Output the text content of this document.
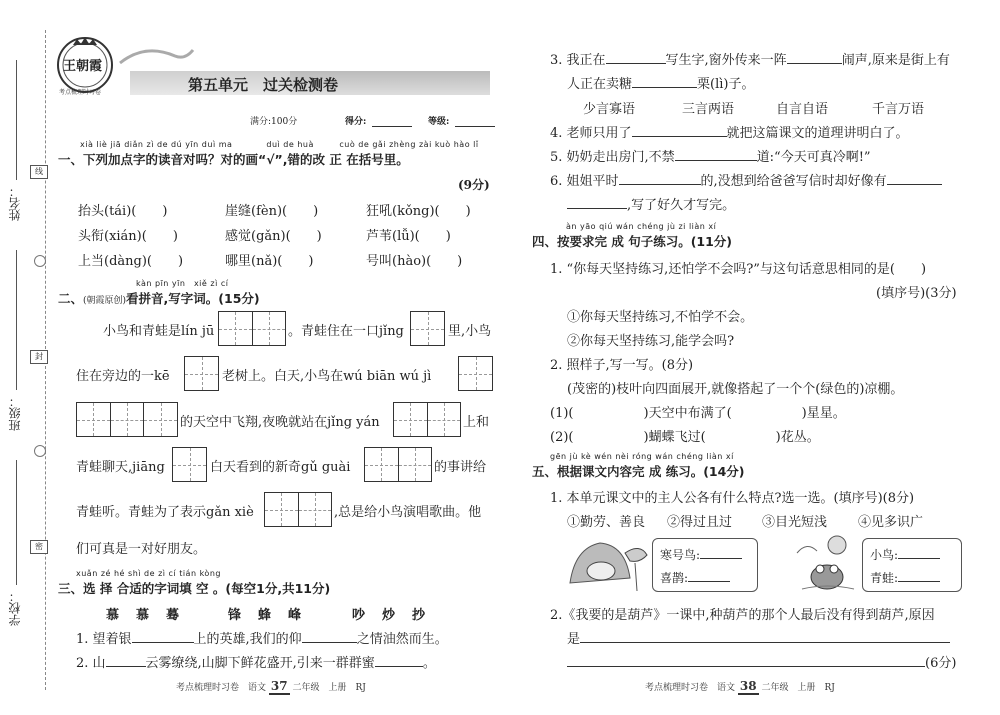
姓名：
班级：
学校：
线
封
密
王朝霞
考点梳理时习卷	第五单元　过关检测卷
满分:100分	得分:	等级:
xià liè jiā diǎn zì de dú yīn duì ma　　　　duì de huà　　　cuò de gǎi zhèng zài kuò hào lǐ
一、下列加点字的读音对吗？对的画“√”,错的改 正 在括号里。
(9分)
抬头(tái)(　　)	崖缝(fèn)(　　)	狂吼(kǒng)(　　)
头衔(xián)(　　)	感觉(gǎn)(　　)	芦苇(lǚ)(　　)
上当(dàng)(　　)	哪里(nǎ)(　　)	号叫(hào)(　　)
kàn pīn yīn　xiě zì cí
二、(朝霞原创)看拼音,写字词。(15分)
小鸟和青蛙是lín jū	。青蛙住在一口jǐng	里,小鸟
住在旁边的一kē	老树上。白天,小鸟在wú biān wú jì
的天空中飞翔,夜晚就站在jǐng yán	上和
青蛙聊天,jiāng	白天看到的新奇gǔ guài	的事讲给
青蛙听。青蛙为了表示gǎn xiè	,总是给小鸟演唱歌曲。他
们可真是一对好朋友。
xuǎn zé hé shì de zì cí tián kòng
三、选 择 合适的字词填 空 。(每空1分,共11分)
慕　慕　蓦	锋　蜂　峰	吵　炒　抄
1. 望着银	上的英雄,我们的仰	之情油然而生。
2. 山	云雾缭绕,山脚下鲜花盛开,引来一群群蜜	。
考点梳理时习卷　语文 37 二年级　上册　RJ
3. 我正在	写生字,窗外传来一阵	闹声,原来是街上有
人正在卖糖	栗(lì)子。
少言寡语	三言两语	自言自语	千言万语
4. 老师只用了	就把这篇课文的道理讲明白了。
5. 奶奶走出房门,不禁	道:“今天可真冷啊!”
6. 姐姐平时	的,没想到给爸爸写信时却好像有
,写了好久才写完。
àn yāo qiú wán chéng jù zi liàn xí
四、按要求完 成 句子练习。(11分)
1. “你每天坚持练习,还怕学不会吗?”与这句话意思相同的是(　　)
(填序号)(3分)
①你每天坚持练习,不怕学不会。
②你每天坚持练习,能学会吗?
2. 照样子,写一写。(8分)
(茂密的)枝叶向四面展开,就像搭起了一个个(绿色的)凉棚。
(1)(	)天空中布满了(	)星星。
(2)(	)蝴蝶飞过(	)花丛。
gēn jù kè wén nèi róng wán chéng liàn xí
五、根据课文内容完 成 练习。(14分)
1. 本单元课文中的主人公各有什么特点?选一选。(填序号)(8分)
①勤劳、善良 ②得过且过 ③目光短浅 ④见多识广
寒号鸟:
喜鹊:
小鸟:
青蛙:
2.《我要的是葫芦》一课中,种葫芦的那个人最后没有得到葫芦,原因
是
(6分)
考点梳理时习卷　语文 38 二年级　上册　RJ
